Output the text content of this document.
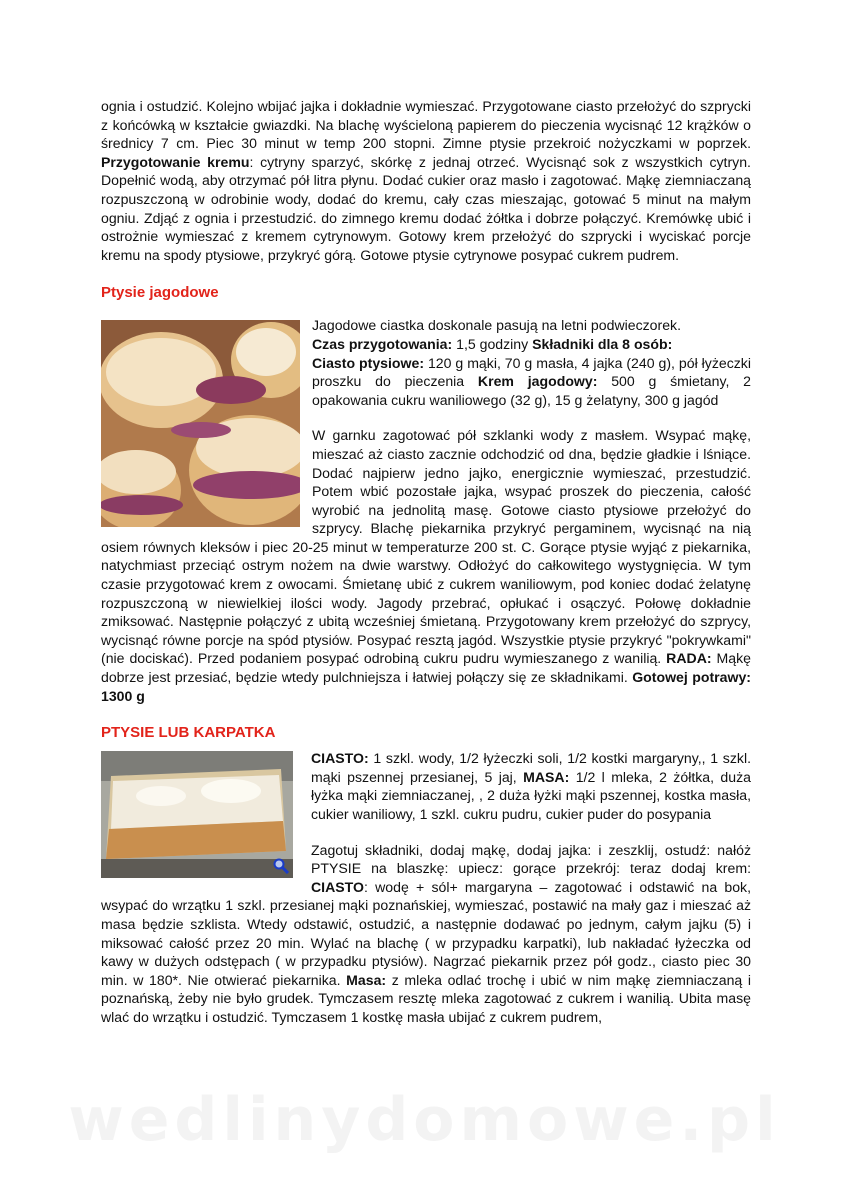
ognia i ostudzić. Kolejno wbijać jajka i dokładnie wymieszać. Przygotowane ciasto przełożyć do szprycki z końcówką w kształcie gwiazdki. Na blachę wyścieloną papierem do pieczenia wycisnąć 12 krążków o średnicy 7 cm. Piec 30 minut w temp 200 stopni. Zimne ptysie przekroić nożyczkami w poprzek. Przygotowanie kremu: cytryny sparzyć, skórkę z jednaj otrzeć. Wycisnąć sok z wszystkich cytryn. Dopełnić wodą, aby otrzymać pół litra płynu. Dodać cukier oraz masło i zagotować. Mąkę ziemniaczaną rozpuszczoną w odrobinie wody, dodać do kremu, cały czas mieszając, gotować 5 minut na małym ogniu. Zdjąć z ognia i przestudzić. do zimnego kremu dodać żółtka i dobrze połączyć. Kremówkę ubić i ostrożnie wymieszać z kremem cytrynowym. Gotowy krem przełożyć do szprycki i wyciskać porcje kremu na spody ptysiowe, przykryć górą. Gotowe ptysie cytrynowe posypać cukrem pudrem.

Ptysie jagodowe

Jagodowe ciastka doskonale pasują na letni podwieczorek.
Czas przygotowania: 1,5 godziny Składniki dla 8 osób:
Ciasto ptysiowe: 120 g mąki, 70 g masła, 4 jajka (240 g), pół łyżeczki proszku do pieczenia Krem jagodowy: 500 g śmietany, 2 opakowania cukru waniliowego (32 g), 15 g żelatyny, 300 g jagód

W garnku zagotować pół szklanki wody z masłem. Wsypać mąkę, mieszać aż ciasto zacznie odchodzić od dna, będzie gładkie i lśniące. Dodać najpierw jedno jajko, energicznie wymieszać, przestudzić. Potem wbić pozostałe jajka, wsypać proszek do pieczenia, całość wyrobić na jednolitą masę. Gotowe ciasto ptysiowe przełożyć do szprycy. Blachę piekarnika przykryć pergaminem, wycisnąć na nią osiem równych kleksów i piec 20-25 minut w temperaturze 200 st. C. Gorące ptysie wyjąć z piekarnika, natychmiast przeciąć ostrym nożem na dwie warstwy. Odłożyć do całkowitego wystygnięcia. W tym czasie przygotować krem z owocami. Śmietanę ubić z cukrem waniliowym, pod koniec dodać żelatynę rozpuszczoną w niewielkiej ilości wody. Jagody przebrać, opłukać i osączyć. Połowę dokładnie zmiksować. Następnie połączyć z ubitą wcześniej śmietaną. Przygotowany krem przełożyć do szprycy, wycisnąć równe porcje na spód ptysiów. Posypać resztą jagód. Wszystkie ptysie przykryć "pokrywkami" (nie dociskać). Przed podaniem posypać odrobiną cukru pudru wymieszanego z wanilią. RADA: Mąkę dobrze jest przesiać, będzie wtedy pulchniejsza i łatwiej połączy się ze składnikami. Gotowej potrawy: 1300 g

PTYSIE LUB KARPATKA

CIASTO: 1 szkl. wody, 1/2 łyżeczki soli, 1/2 kostki margaryny,, 1 szkl. mąki pszennej przesianej, 5 jaj, MASA: 1/2 l mleka, 2 żółtka, duża łyżka mąki ziemniaczanej, , 2 duża łyżki mąki pszennej, kostka masła, cukier waniliowy, 1 szkl. cukru pudru, cukier puder do posypania

Zagotuj składniki, dodaj mąkę, dodaj jajka: i zeszklij, ostudź: nałóż PTYSIE na blaszkę: upiecz: gorące przekrój: teraz dodaj krem: CIASTO: wodę + sól+ margaryna – zagotować i odstawić na bok, wsypać do wrzątku 1 szkl. przesianej mąki poznańskiej, wymieszać, postawić na mały gaz i mieszać aż masa będzie szklista. Wtedy odstawić, ostudzić, a następnie dodawać po jednym, całym jajku (5) i miksować całość przez 20 min. Wylać na blachę ( w przypadku karpatki), lub nakładać łyżeczka od kawy w dużych odstępach ( w przypadku ptysiów). Nagrzać piekarnik przez pół godz., ciasto piec 30 min. w 180*. Nie otwierać piekarnika. Masa: z mleka odlać trochę i ubić w nim mąkę ziemniaczaną i poznańską, żeby nie było grudek. Tymczasem resztę mleka zagotować z cukrem i wanilią. Ubita masę wlać do wrzątku i ostudzić. Tymczasem 1 kostkę masła ubijać z cukrem pudrem,

wedlinydomowe.pl
